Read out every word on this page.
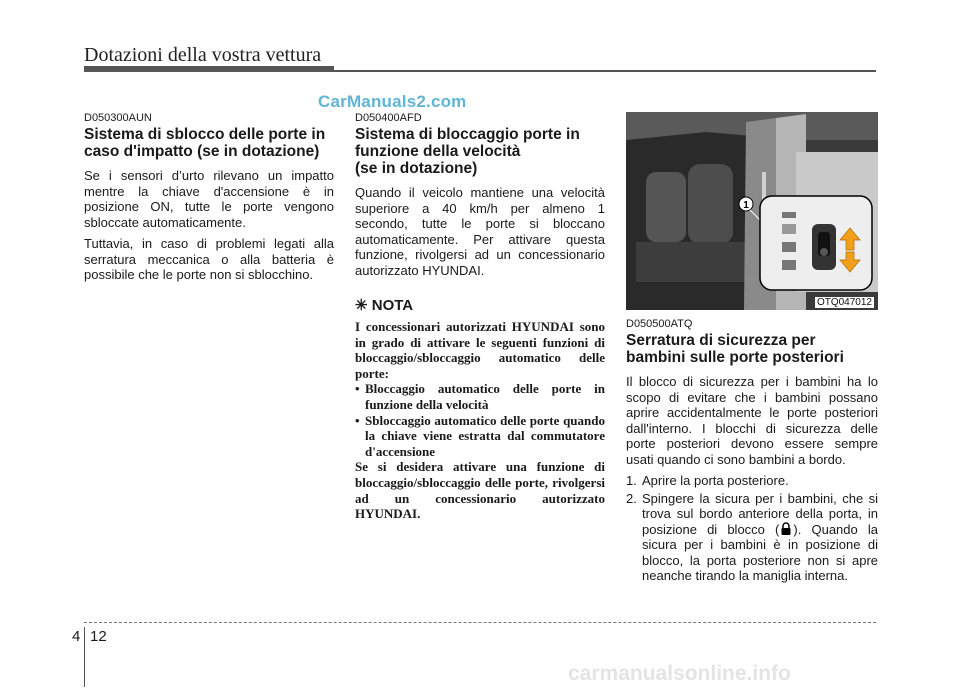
Dotazioni della vostra vettura
CarManuals2.com
D050300AUN
Sistema di sblocco delle porte in caso d'impatto (se in dotazione)

Se i sensori d’urto rilevano un impatto mentre la chiave d'accensione è in posizione ON, tutte le porte vengono sbloccate automaticamente.

Tuttavia, in caso di problemi legati alla serratura meccanica o alla batteria è possibile che le porte non si sblocchino.

D050400AFD
Sistema di bloccaggio porte in funzione della velocità
(se in dotazione)

Quando il veicolo mantiene una velocità superiore a 40 km/h per almeno 1 secondo, tutte le porte si bloccano automaticamente. Per attivare questa funzione, rivolgersi ad un concessionario autorizzato HYUNDAI.

✳ NOTA

I concessionari autorizzati HYUNDAI sono in grado di attivare le seguenti funzioni di bloccaggio/sbloccaggio automatico delle porte:

• Bloccaggio automatico delle porte in funzione della velocità
• Sbloccaggio automatico delle porte quando la chiave viene estratta dal commutatore d'accensione

Se si desidera attivare una funzione di bloccaggio/sbloccaggio delle porte, rivolgersi ad un concessionario autorizzato HYUNDAI.

1
OTQ047012
D050500ATQ
Serratura di sicurezza per bambini sulle porte posteriori

Il blocco di sicurezza per i bambini ha lo scopo di evitare che i bambini possano aprire accidentalmente le porte posteriori dall'interno. I blocchi di sicurezza delle porte posteriori devono essere sempre usati quando ci sono bambini a bordo.

1. Aprire la porta posteriore.
2. Spingere la sicura per i bambini, che si trova sul bordo anteriore della porta, in posizione di blocco ( ). Quando la sicura per i bambini è in posizione di blocco, la porta posteriore non si apre neanche tirando la maniglia interna.
4 12
carmanualsonline.info
